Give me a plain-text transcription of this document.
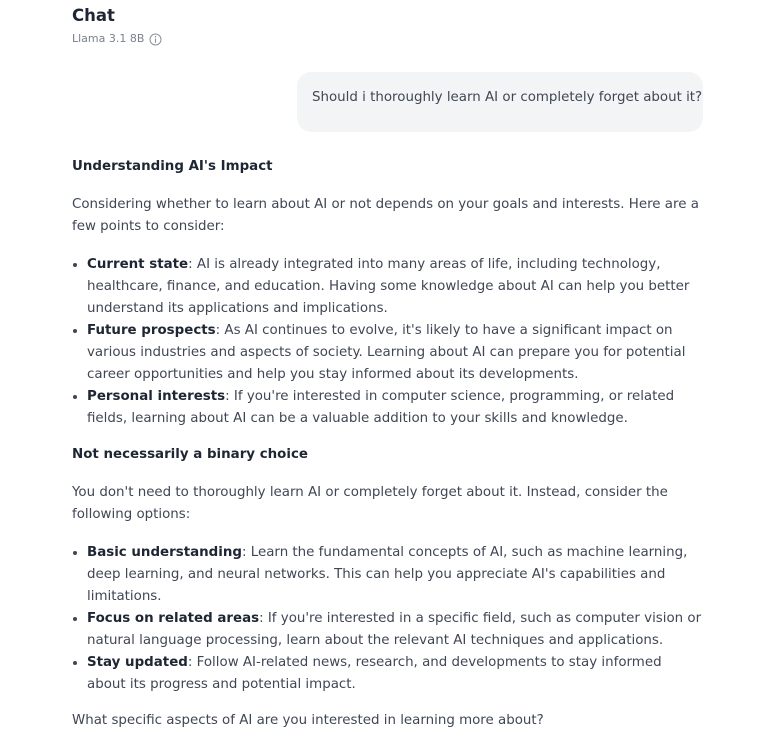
Chat
Llama 3.1 8B
Should i thoroughly learn AI or completely forget about it?
Understanding AI's Impact

Considering whether to learn about AI or not depends on your goals and interests. Here are a few points to consider:

• Current state: AI is already integrated into many areas of life, including technology, healthcare, finance, and education. Having some knowledge about AI can help you better understand its applications and implications.
• Future prospects: As AI continues to evolve, it's likely to have a significant impact on various industries and aspects of society. Learning about AI can prepare you for potential career opportunities and help you stay informed about its developments.
• Personal interests: If you're interested in computer science, programming, or related fields, learning about AI can be a valuable addition to your skills and knowledge.
Not necessarily a binary choice

You don't need to thoroughly learn AI or completely forget about it. Instead, consider the following options:

• Basic understanding: Learn the fundamental concepts of AI, such as machine learning, deep learning, and neural networks. This can help you appreciate AI's capabilities and limitations.
• Focus on related areas: If you're interested in a specific field, such as computer vision or natural language processing, learn about the relevant AI techniques and applications.
• Stay updated: Follow AI-related news, research, and developments to stay informed about its progress and potential impact.

What specific aspects of AI are you interested in learning more about?
